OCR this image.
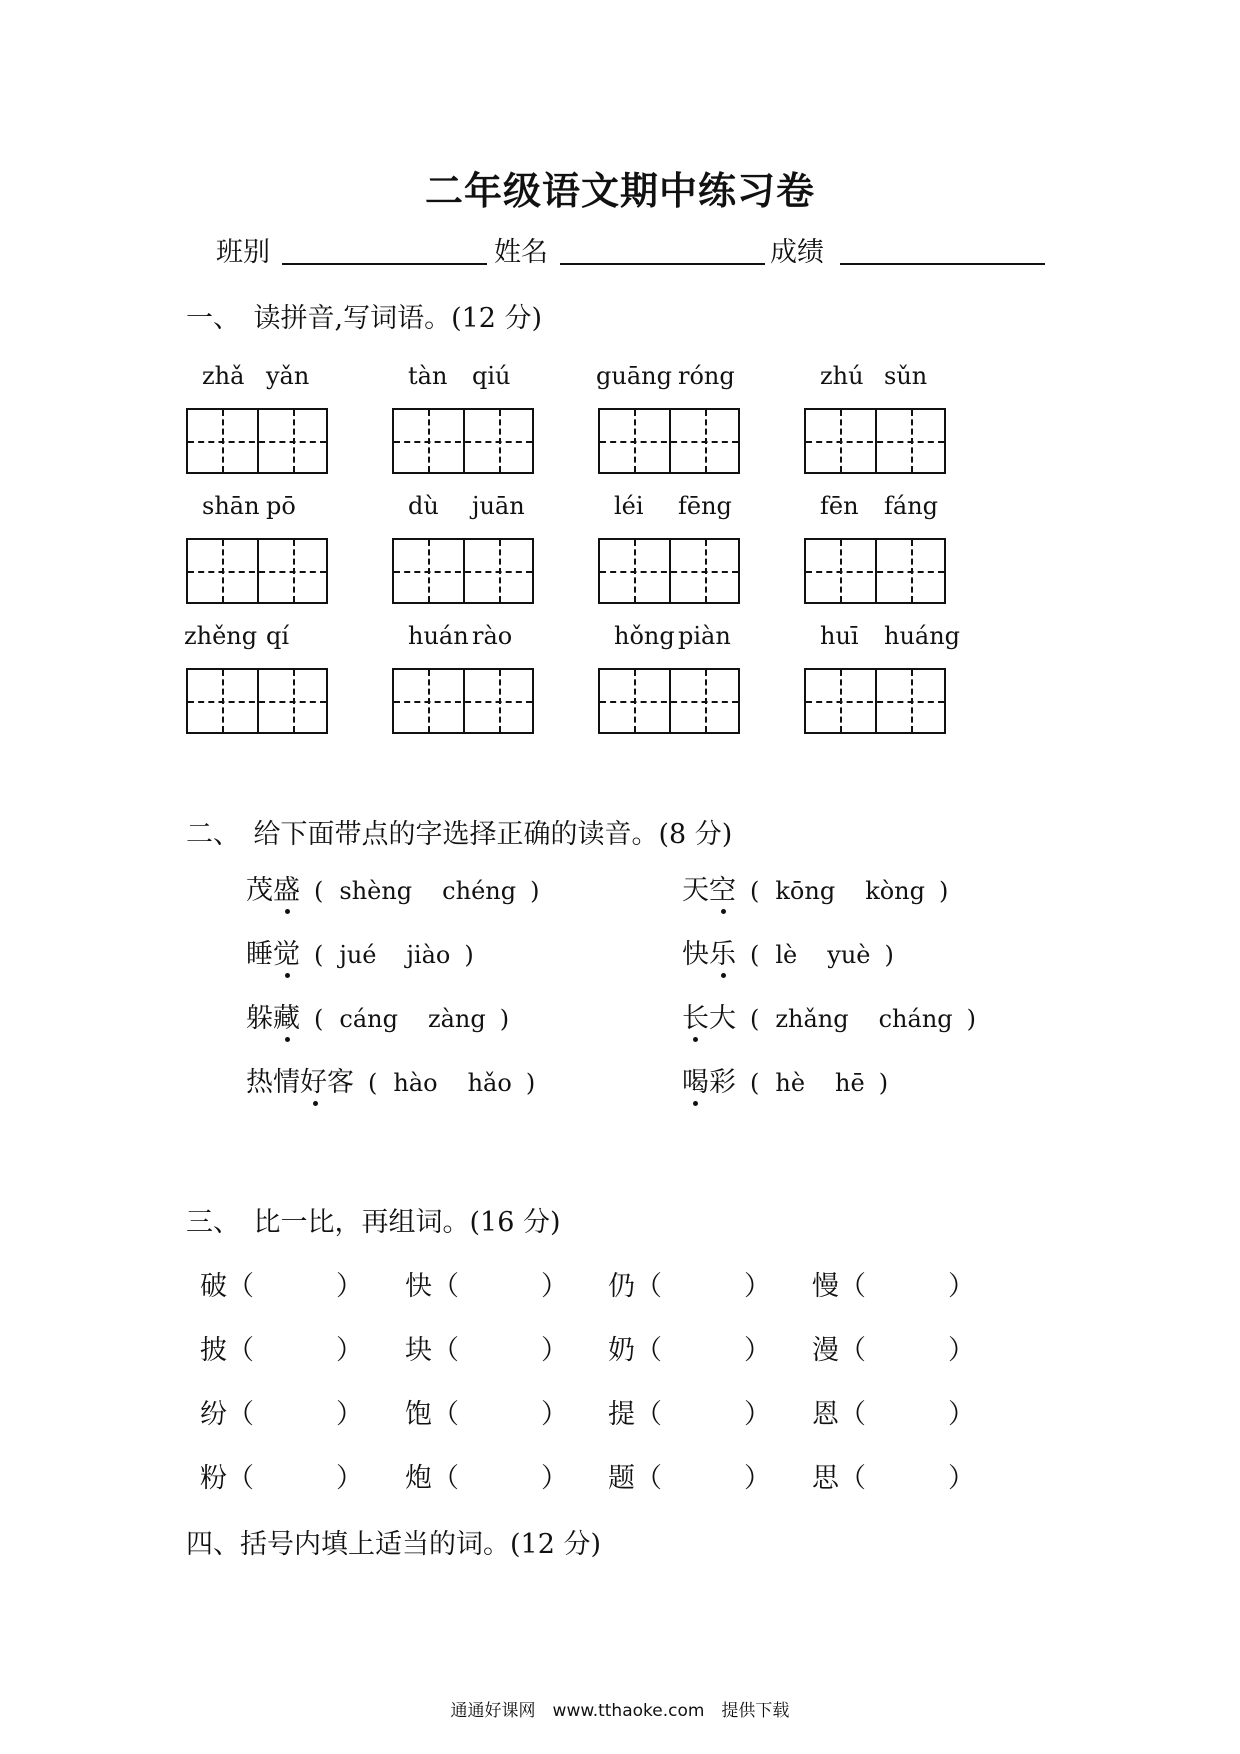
二年级语文期中练习卷
班别	姓名	成绩
一、　读拼音,写词语。(12 分)
zhǎ yǎn	tàn qiú	guāng róng	zhú sǔn
shān pō	dù juān	léi fēng	fēn fáng
zhěng qí	huán rào	hǒng piàn	huī huáng
二、　给下面带点的字选择正确的读音。(8 分)
茂盛 ( shèng chéng )	天空 ( kōng kòng )
睡觉 ( jué jiào )	快乐 ( lè yuè )
躲藏 ( cáng zàng )	长大 ( zhǎng cháng )
热情好客 ( hào hǎo )	喝彩 ( hè hē )
三、　比一比，再组词。(16 分)
破（	） 快（	） 仍（	） 慢（	）
披（	） 块（	） 奶（	） 漫（	）
纷（	） 饱（	） 提（	） 恩（	）
粉（	） 炮（	） 题（	） 思（	）
四、括号内填上适当的词。(12 分)
通通好课网　www.tthaoke.com　提供下载
